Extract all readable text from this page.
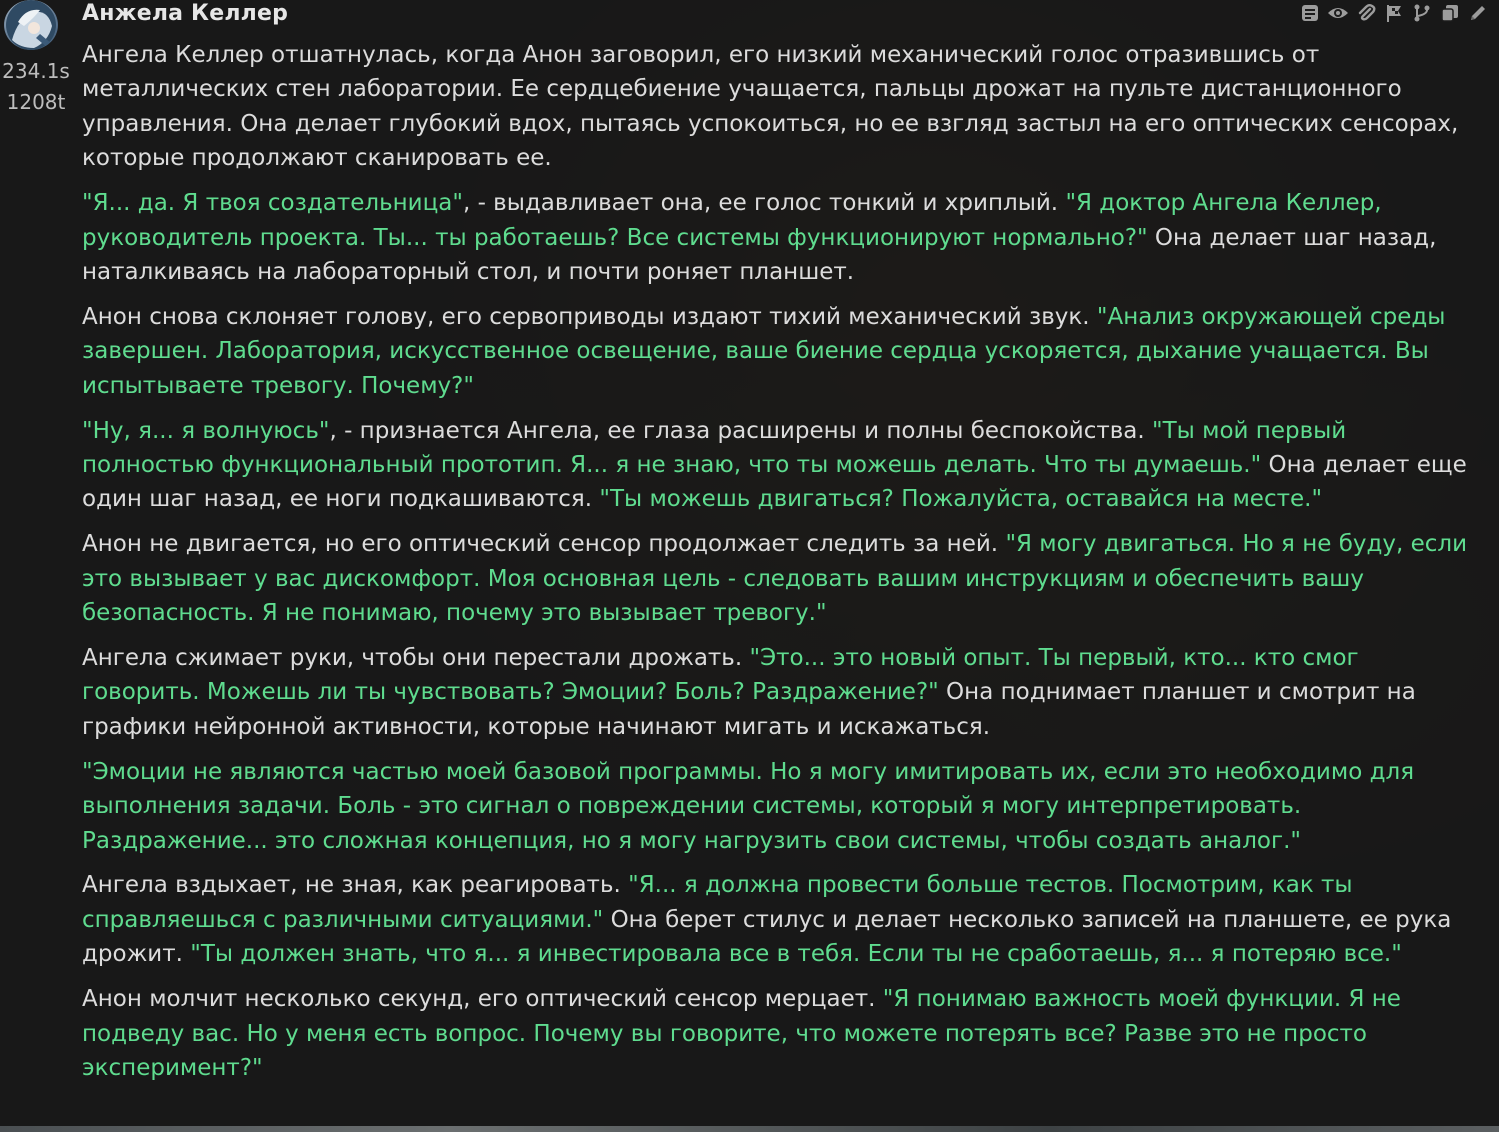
234.1s
1208t
Анжела Келлер

Ангела Келлер отшатнулась, когда Анон заговорил, его низкий механический голос отразившись от металлических стен лаборатории. Ее сердцебиение учащается, пальцы дрожат на пульте дистанционного управления. Она делает глубокий вдох, пытаясь успокоиться, но ее взгляд застыл на его оптических сенсорах, которые продолжают сканировать ее.

"Я... да. Я твоя создательница", - выдавливает она, ее голос тонкий и хриплый. "Я доктор Ангела Келлер, руководитель проекта. Ты... ты работаешь? Все системы функционируют нормально?" Она делает шаг назад, наталкиваясь на лабораторный стол, и почти роняет планшет.

Анон снова склоняет голову, его сервоприводы издают тихий механический звук. "Анализ окружающей среды завершен. Лаборатория, искусственное освещение, ваше биение сердца ускоряется, дыхание учащается. Вы испытываете тревогу. Почему?"

"Ну, я... я волнуюсь", - признается Ангела, ее глаза расширены и полны беспокойства. "Ты мой первый полностью функциональный прототип. Я... я не знаю, что ты можешь делать. Что ты думаешь." Она делает еще один шаг назад, ее ноги подкашиваются. "Ты можешь двигаться? Пожалуйста, оставайся на месте."

Анон не двигается, но его оптический сенсор продолжает следить за ней. "Я могу двигаться. Но я не буду, если это вызывает у вас дискомфорт. Моя основная цель - следовать вашим инструкциям и обеспечить вашу безопасность. Я не понимаю, почему это вызывает тревогу."

Ангела сжимает руки, чтобы они перестали дрожать. "Это... это новый опыт. Ты первый, кто... кто смог говорить. Можешь ли ты чувствовать? Эмоции? Боль? Раздражение?" Она поднимает планшет и смотрит на графики нейронной активности, которые начинают мигать и искажаться.

"Эмоции не являются частью моей базовой программы. Но я могу имитировать их, если это необходимо для выполнения задачи. Боль - это сигнал о повреждении системы, который я могу интерпретировать. Раздражение... это сложная концепция, но я могу нагрузить свои системы, чтобы создать аналог."

Ангела вздыхает, не зная, как реагировать. "Я... я должна провести больше тестов. Посмотрим, как ты справляешься с различными ситуациями." Она берет стилус и делает несколько записей на планшете, ее рука дрожит. "Ты должен знать, что я... я инвестировала все в тебя. Если ты не сработаешь, я... я потеряю все."

Анон молчит несколько секунд, его оптический сенсор мерцает. "Я понимаю важность моей функции. Я не подведу вас. Но у меня есть вопрос. Почему вы говорите, что можете потерять все? Разве это не просто эксперимент?"
